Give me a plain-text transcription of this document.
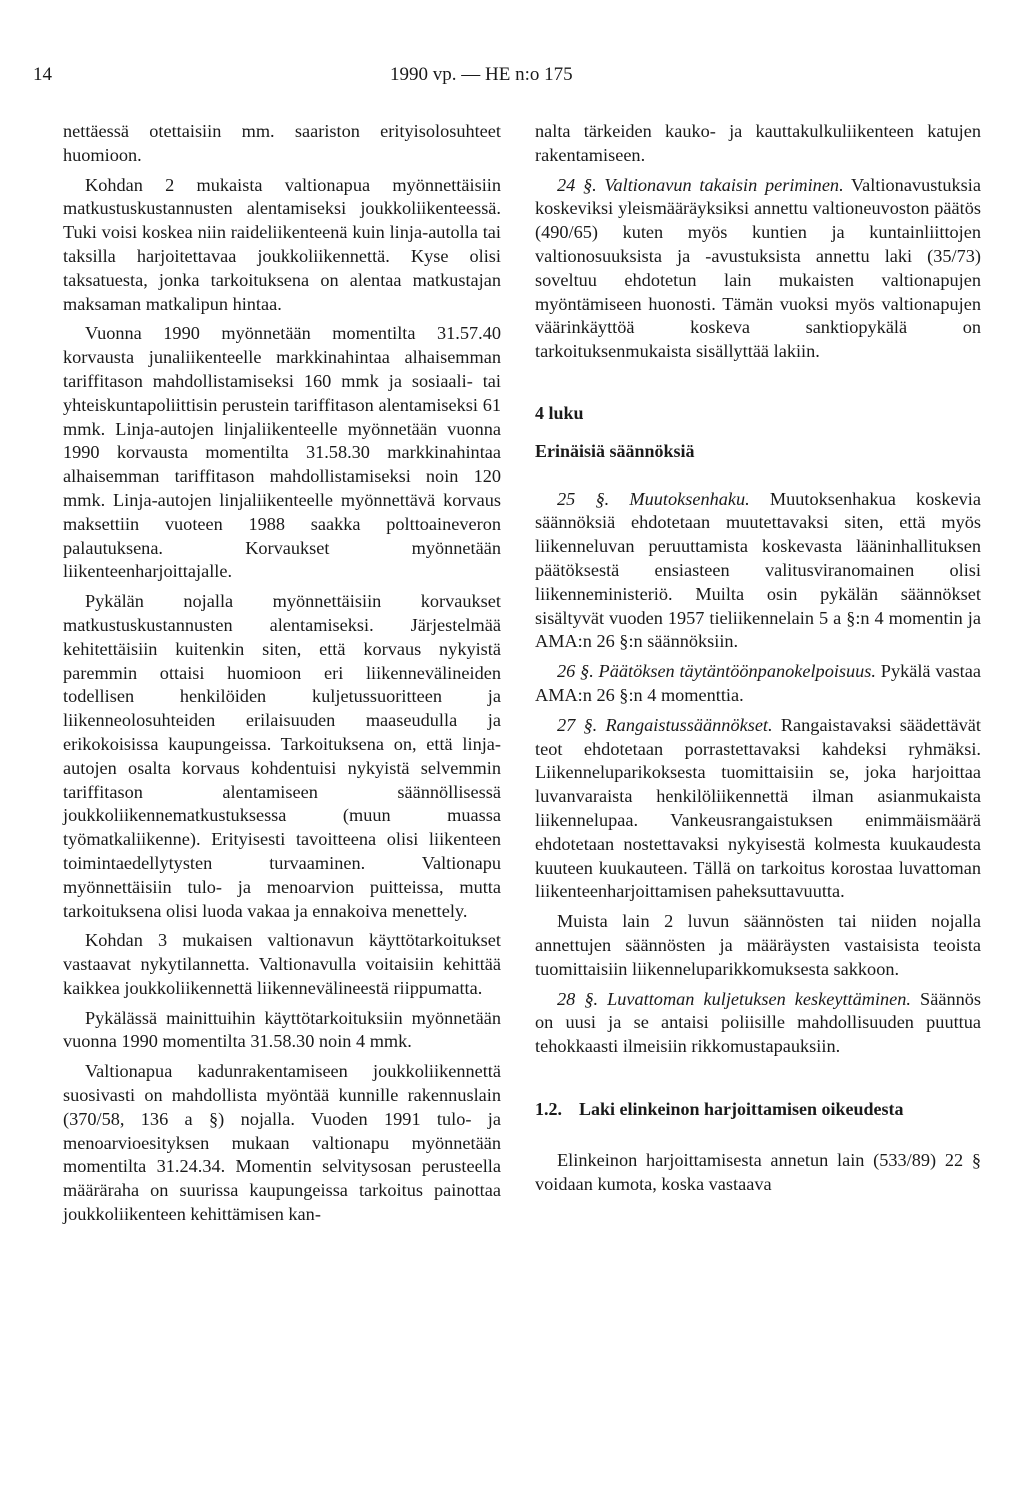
14	1990 vp. — HE n:o 175

nettäessä otettaisiin mm. saariston erityisolosuhteet huomioon.

Kohdan 2 mukaista valtionapua myönnettäisiin matkustuskustannusten alentamiseksi joukkoliikenteessä. Tuki voisi koskea niin raideliikenteenä kuin linja-autolla tai taksilla harjoitettavaa joukkoliikennettä. Kyse olisi taksatuesta, jonka tarkoituksena on alentaa matkustajan maksaman matkalipun hintaa.

Vuonna 1990 myönnetään momentilta 31.57.40 korvausta junaliikenteelle markkinahintaa alhaisemman tariffitason mahdollistamiseksi 160 mmk ja sosiaali- tai yhteiskuntapoliittisin perustein tariffitason alentamiseksi 61 mmk. Linja-autojen linjaliikenteelle myönnetään vuonna 1990 korvausta momentilta 31.58.30 markkinahintaa alhaisemman tariffitason mahdollistamiseksi noin 120 mmk. Linja-autojen linjaliikenteelle myönnettävä korvaus maksettiin vuoteen 1988 saakka polttoaineveron palautuksena. Korvaukset myönnetään liikenteenharjoittajalle.

Pykälän nojalla myönnettäisiin korvaukset matkustuskustannusten alentamiseksi. Järjestelmää kehitettäisiin kuitenkin siten, että korvaus nykyistä paremmin ottaisi huomioon eri liikennevälineiden todellisen henkilöiden kuljetussuoritteen ja liikenneolosuhteiden erilaisuuden maaseudulla ja erikokoisissa kaupungeissa. Tarkoituksena on, että linja-autojen osalta korvaus kohdentuisi nykyistä selvemmin tariffitason alentamiseen säännöllisessä joukkoliikennematkustuksessa (muun muassa työmatkaliikenne). Erityisesti tavoitteena olisi liikenteen toimintaedellytysten turvaaminen. Valtionapu myönnettäisiin tulo- ja menoarvion puitteissa, mutta tarkoituksena olisi luoda vakaa ja ennakoiva menettely.

Kohdan 3 mukaisen valtionavun käyttötarkoitukset vastaavat nykytilannetta. Valtionavulla voitaisiin kehittää kaikkea joukkoliikennettä liikennevälineestä riippumatta.

Pykälässä mainittuihin käyttötarkoituksiin myönnetään vuonna 1990 momentilta 31.58.30 noin 4 mmk.

Valtionapua kadunrakentamiseen joukkoliikennettä suosivasti on mahdollista myöntää kunnille rakennuslain (370/58, 136 a §) nojalla. Vuoden 1991 tulo- ja menoarvioesityksen mukaan valtionapu myönnetään momentilta 31.24.34. Momentin selvitysosan perusteella määräraha on suurissa kaupungeissa tarkoitus painottaa joukkoliikenteen kehittämisen kan-

nalta tärkeiden kauko- ja kauttakulkuliikenteen katujen rakentamiseen.

24 §. Valtionavun takaisin periminen. Valtionavustuksia koskeviksi yleismääräyksiksi annettu valtioneuvoston päätös (490/65) kuten myös kuntien ja kuntainliittojen valtionosuuksista ja -avustuksista annettu laki (35/73) soveltuu ehdotetun lain mukaisten valtionapujen myöntämiseen huonosti. Tämän vuoksi myös valtionapujen väärinkäyttöä koskeva sanktiopykälä on tarkoituksenmukaista sisällyttää lakiin.

4 luku
Erinäisiä säännöksiä

25 §. Muutoksenhaku. Muutoksenhakua koskevia säännöksiä ehdotetaan muutettavaksi siten, että myös liikenneluvan peruuttamista koskevasta lääninhallituksen päätöksestä ensiasteen valitusviranomainen olisi liikenneministeriö. Muilta osin pykälän säännökset sisältyvät vuoden 1957 tieliikennelain 5 a §:n 4 momentin ja AMA:n 26 §:n säännöksiin.

26 §. Päätöksen täytäntöönpanokelpoisuus. Pykälä vastaa AMA:n 26 §:n 4 momenttia.

27 §. Rangaistussäännökset. Rangaistavaksi säädettävät teot ehdotetaan porrastettavaksi kahdeksi ryhmäksi. Liikenneluparikoksesta tuomittaisiin se, joka harjoittaa luvanvaraista henkilöliikennettä ilman asianmukaista liikennelupaa. Vankeusrangaistuksen enimmäismäärä ehdotetaan nostettavaksi nykyisestä kolmesta kuukaudesta kuuteen kuukauteen. Tällä on tarkoitus korostaa luvattoman liikenteenharjoittamisen paheksuttavuutta.

Muista lain 2 luvun säännösten tai niiden nojalla annettujen säännösten ja määräysten vastaisista teoista tuomittaisiin liikenneluparikkomuksesta sakkoon.

28 §. Luvattoman kuljetuksen keskeyttäminen. Säännös on uusi ja se antaisi poliisille mahdollisuuden puuttua tehokkaasti ilmeisiin rikkomustapauksiin.

1.2. Laki elinkeinon harjoittamisen oikeudesta

Elinkeinon harjoittamisesta annetun lain (533/89) 22 § voidaan kumota, koska vastaava
